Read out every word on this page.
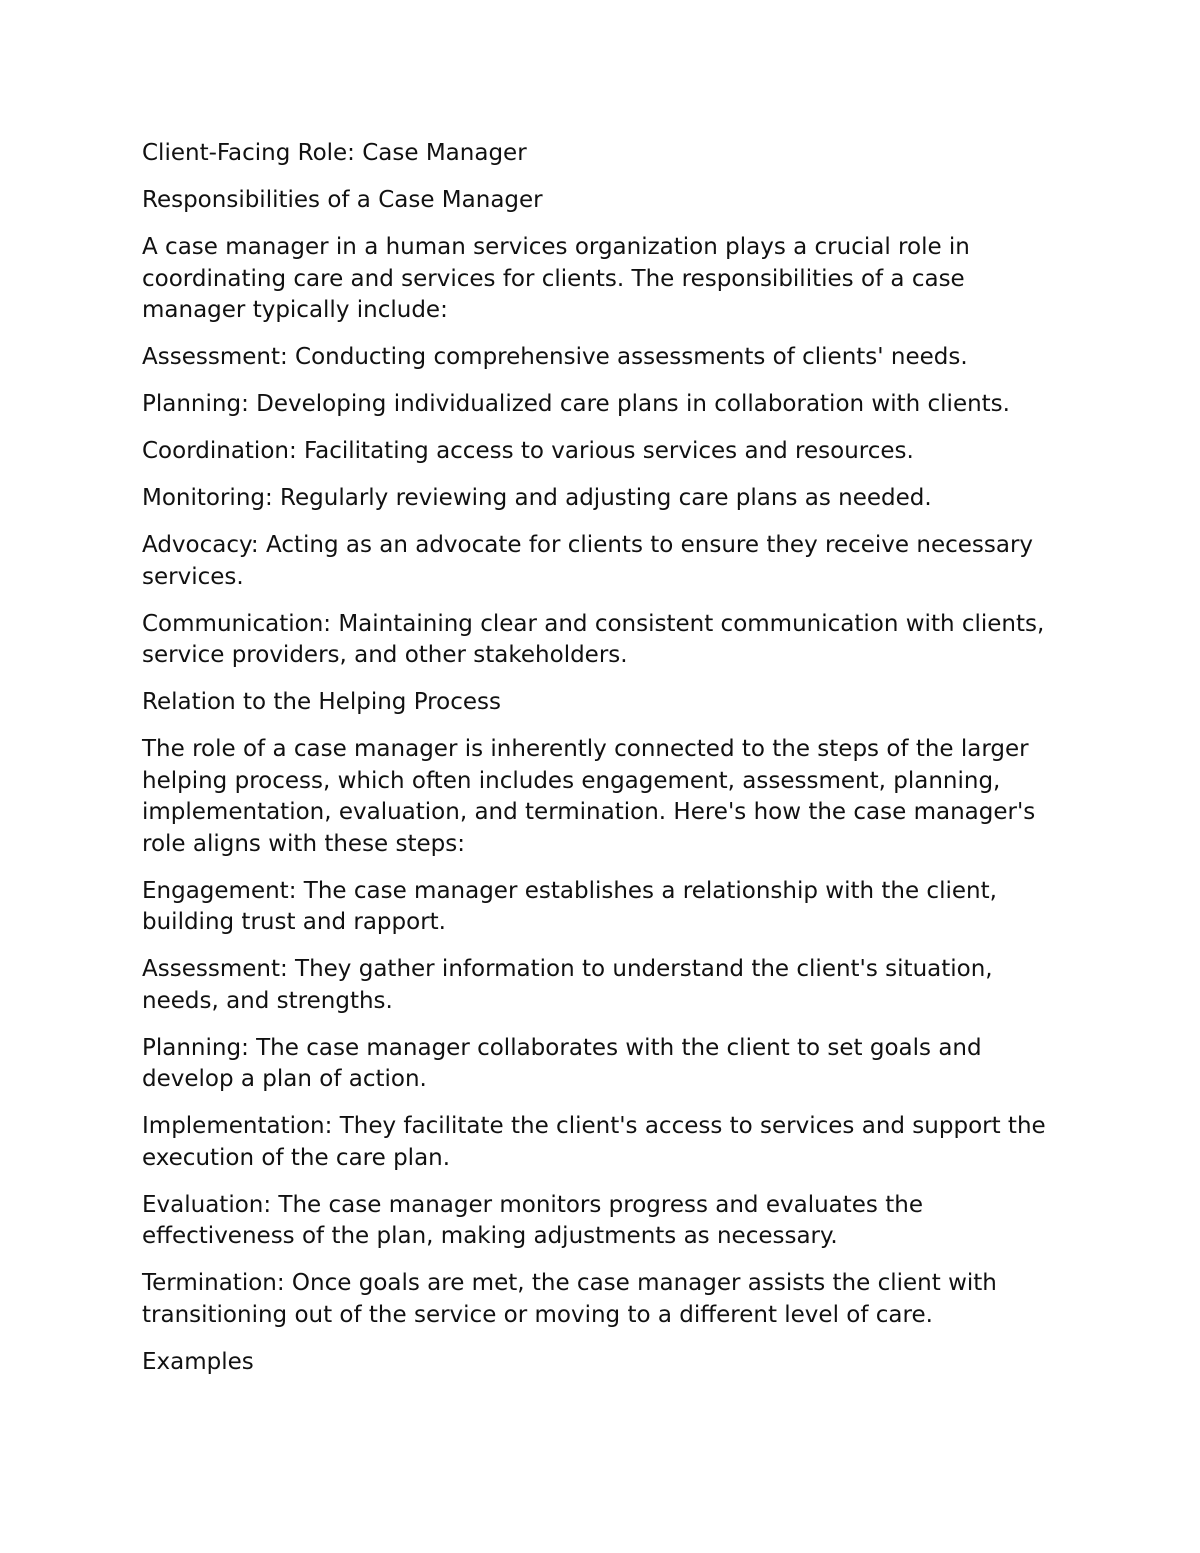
Client-Facing Role: Case Manager

Responsibilities of a Case Manager

A case manager in a human services organization plays a crucial role in coordinating care and services for clients. The responsibilities of a case manager typically include:

Assessment: Conducting comprehensive assessments of clients' needs.

Planning: Developing individualized care plans in collaboration with clients.

Coordination: Facilitating access to various services and resources.

Monitoring: Regularly reviewing and adjusting care plans as needed.

Advocacy: Acting as an advocate for clients to ensure they receive necessary services.

Communication: Maintaining clear and consistent communication with clients, service providers, and other stakeholders.

Relation to the Helping Process

The role of a case manager is inherently connected to the steps of the larger helping process, which often includes engagement, assessment, planning, implementation, evaluation, and termination. Here's how the case manager's role aligns with these steps:

Engagement: The case manager establishes a relationship with the client, building trust and rapport.

Assessment: They gather information to understand the client's situation, needs, and strengths.

Planning: The case manager collaborates with the client to set goals and develop a plan of action.

Implementation: They facilitate the client's access to services and support the execution of the care plan.

Evaluation: The case manager monitors progress and evaluates the effectiveness of the plan, making adjustments as necessary.

Termination: Once goals are met, the case manager assists the client with transitioning out of the service or moving to a different level of care.

Examples
